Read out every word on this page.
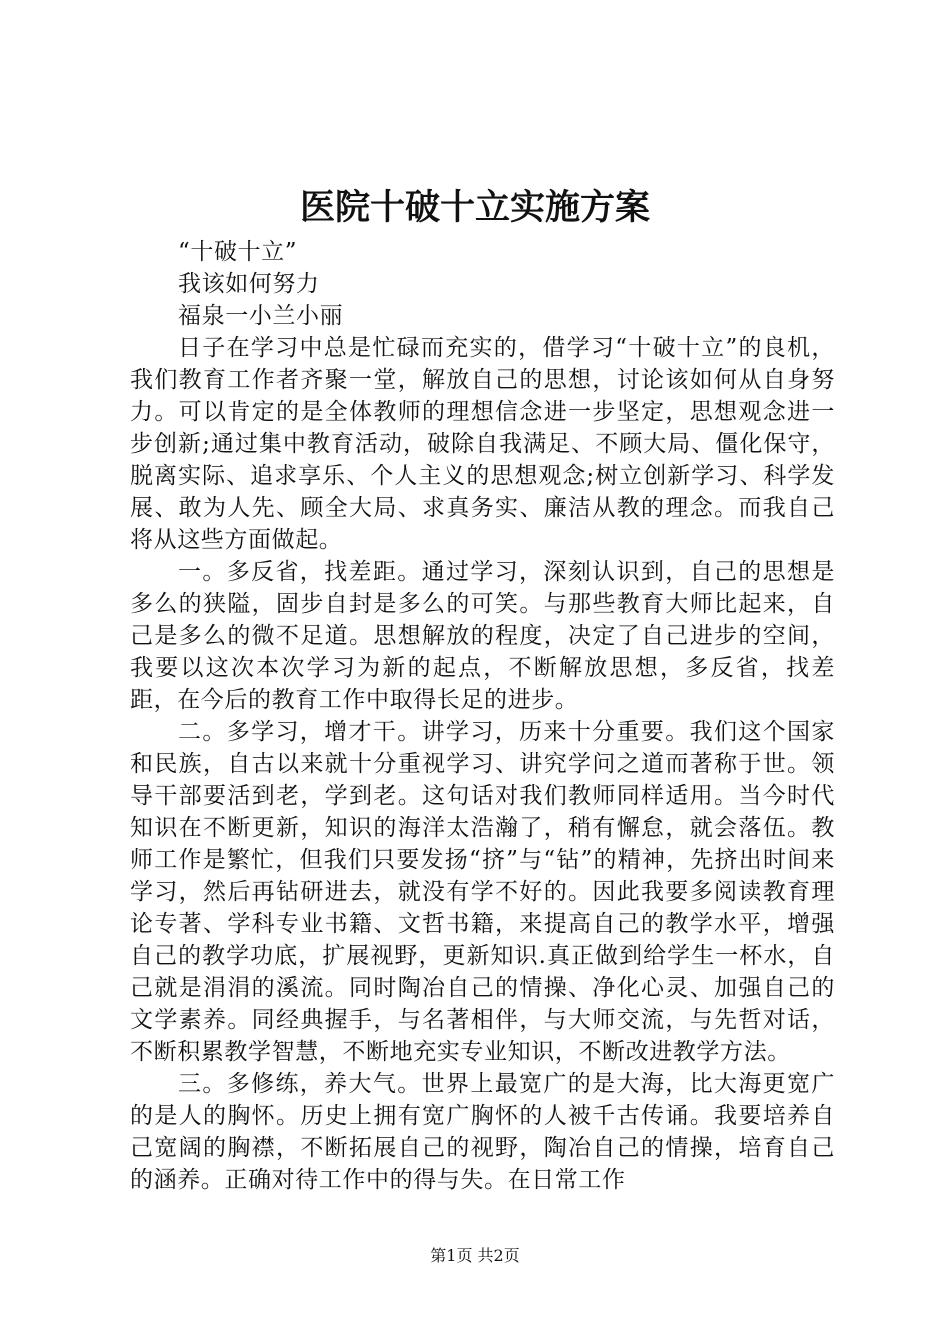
医院十破十立实施方案

“十破十立”

我该如何努力

福泉一小兰小丽

日子在学习中总是忙碌而充实的，借学习“十破十立”的良机，我们教育工作者齐聚一堂，解放自己的思想，讨论该如何从自身努力。可以肯定的是全体教师的理想信念进一步坚定，思想观念进一步创新;通过集中教育活动，破除自我满足、不顾大局、僵化保守，脱离实际、追求享乐、个人主义的思想观念;树立创新学习、科学发展、敢为人先、顾全大局、求真务实、廉洁从教的理念。而我自己将从这些方面做起。

一。多反省，找差距。通过学习，深刻认识到，自己的思想是多么的狭隘，固步自封是多么的可笑。与那些教育大师比起来，自己是多么的微不足道。思想解放的程度，决定了自己进步的空间，我要以这次本次学习为新的起点，不断解放思想，多反省，找差距，在今后的教育工作中取得长足的进步。

二。多学习，增才干。讲学习，历来十分重要。我们这个国家和民族，自古以来就十分重视学习、讲究学问之道而著称于世。领导干部要活到老，学到老。这句话对我们教师同样适用。当今时代知识在不断更新，知识的海洋太浩瀚了，稍有懈怠，就会落伍。教师工作是繁忙，但我们只要发扬“挤”与“钻”的精神，先挤出时间来学习，然后再钻研进去，就没有学不好的。因此我要多阅读教育理论专著、学科专业书籍、文哲书籍，来提高自己的教学水平，增强自己的教学功底，扩展视野，更新知识.真正做到给学生一杯水，自己就是涓涓的溪流。同时陶冶自己的情操、净化心灵、加强自己的文学素养。同经典握手，与名著相伴，与大师交流，与先哲对话，不断积累教学智慧，不断地充实专业知识，不断改进教学方法。

三。多修练，养大气。世界上最宽广的是大海，比大海更宽广的是人的胸怀。历史上拥有宽广胸怀的人被千古传诵。我要培养自己宽阔的胸襟，不断拓展自己的视野，陶冶自己的情操，培育自己的涵养。正确对待工作中的得与失。在日常工作

第1页 共2页
